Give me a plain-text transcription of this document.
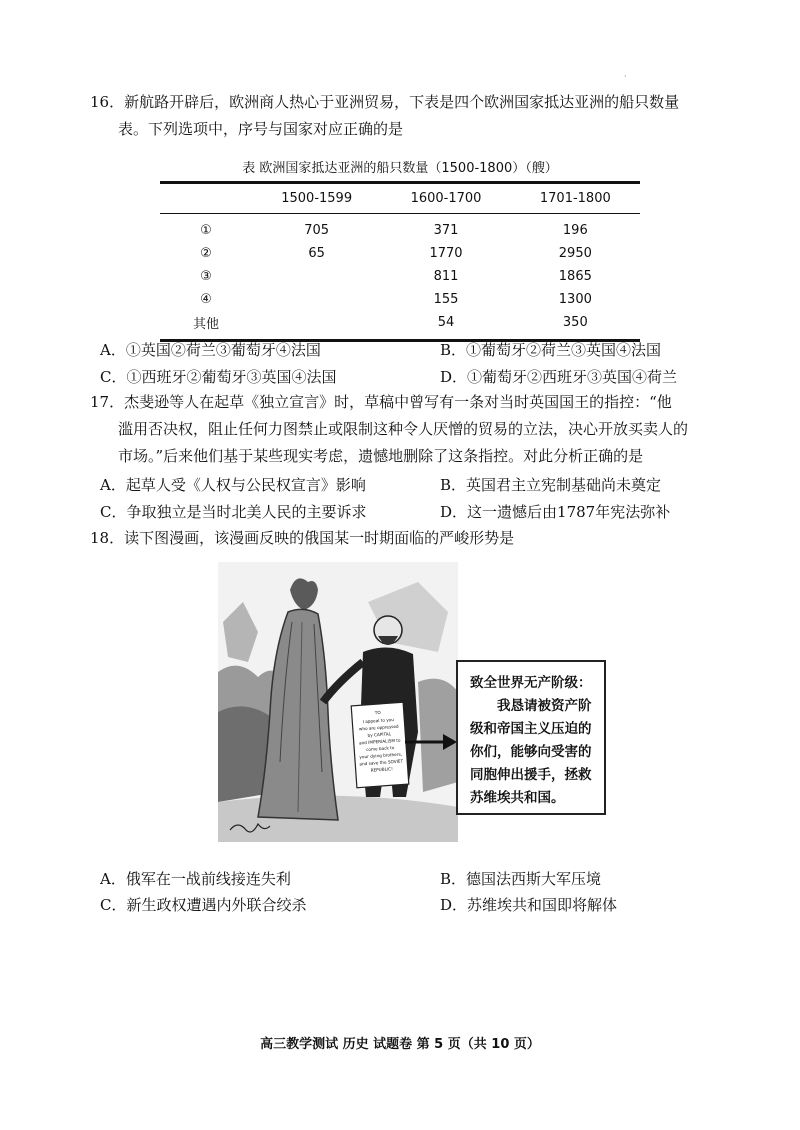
·

16．新航路开辟后，欧洲商人热心于亚洲贸易，下表是四个欧洲国家抵达亚洲的船只数量

表。下列选项中，序号与国家对应正确的是

表 欧洲国家抵达亚洲的船只数量（1500-1800）（艘）
	1500-1599	1600-1700	1701-1800
①	705	371	196
②	65	1770	2950
③		811	1865
④		155	1300
其他		54	350
A．①英国②荷兰③葡萄牙④法国	B．①葡萄牙②荷兰③英国④法国
C．①西班牙②葡萄牙③英国④法国	D．①葡萄牙②西班牙③英国④荷兰

17．杰斐逊等人在起草《独立宣言》时，草稿中曾写有一条对当时英国国王的指控：“他

滥用否决权，阻止任何力图禁止或限制这种令人厌憎的贸易的立法，决心开放买卖人的

市场。”后来他们基于某些现实考虑，遗憾地删除了这条指控。对此分析正确的是

A．起草人受《人权与公民权宣言》影响	B．英国君主立宪制基础尚未奠定
C．争取独立是当时北美人民的主要诉求	D．这一遗憾后由1787年宪法弥补

18．读下图漫画，该漫画反映的俄国某一时期面临的严峻形势是

TO
I appeal to you
who are oppressed
by CAPITAL
and IMPERIALISM to
come back to
your dying brothers,
and save the SOVIET
REPUBLIC!
致全世界无产阶级：
我恳请被资产阶级和帝国主义压迫的你们，能够向受害的同胞伸出援手，拯救苏维埃共和国。
A．俄军在一战前线接连失利	B．德国法西斯大军压境
C．新生政权遭遇内外联合绞杀	D．苏维埃共和国即将解体
高三教学测试 历史 试题卷 第 5 页（共 10 页）
